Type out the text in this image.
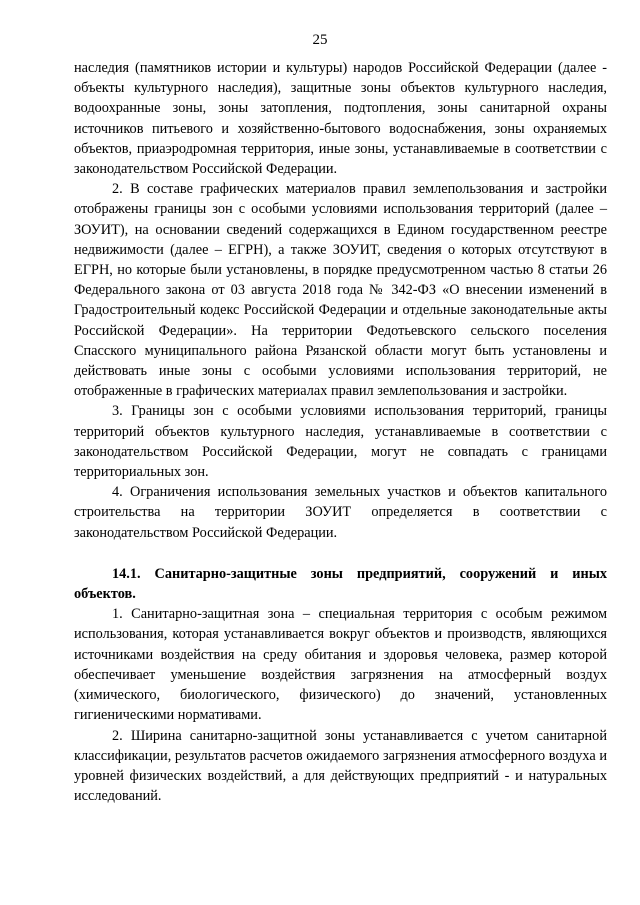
25

наследия (памятников истории и культуры) народов Российской Федерации (далее - объекты культурного наследия), защитные зоны объектов культурного наследия, водоохранные зоны, зоны затопления, подтопления, зоны санитарной охраны источников питьевого и хозяйственно-бытового водоснабжения, зоны охраняемых объектов, приаэродромная территория, иные зоны, устанавливаемые в соответствии с законодательством Российской Федерации.

2. В составе графических материалов правил землепользования и застройки отображены границы зон с особыми условиями использования территорий (далее – ЗОУИТ), на основании сведений содержащихся в Едином государственном реестре недвижимости (далее – ЕГРН), а также ЗОУИТ, сведения о которых отсутствуют в ЕГРН, но которые были установлены, в порядке предусмотренном частью 8 статьи 26 Федерального закона от 03 августа 2018 года № 342-ФЗ «О внесении изменений в Градостроительный кодекс Российской Федерации и отдельные законодательные акты Российской Федерации». На территории Федотьевского сельского поселения Спасского муниципального района Рязанской области могут быть установлены и действовать иные зоны с особыми условиями использования территорий, не отображенные в графических материалах правил землепользования и застройки.

3. Границы зон с особыми условиями использования территорий, границы территорий объектов культурного наследия, устанавливаемые в соответствии с законодательством Российской Федерации, могут не совпадать с границами территориальных зон.

4. Ограничения использования земельных участков и объектов капитального строительства на территории ЗОУИТ определяется в соответствии с законодательством Российской Федерации.

14.1. Санитарно-защитные зоны предприятий, сооружений и иных объектов.

1. Санитарно-защитная зона – специальная территория с особым режимом использования, которая устанавливается вокруг объектов и производств, являющихся источниками воздействия на среду обитания и здоровья человека, размер которой обеспечивает уменьшение воздействия загрязнения на атмосферный воздух (химического, биологического, физического) до значений, установленных гигиеническими нормативами.

2. Ширина санитарно-защитной зоны устанавливается с учетом санитарной классификации, результатов расчетов ожидаемого загрязнения атмосферного воздуха и уровней физических воздействий, а для действующих предприятий - и натуральных исследований.
